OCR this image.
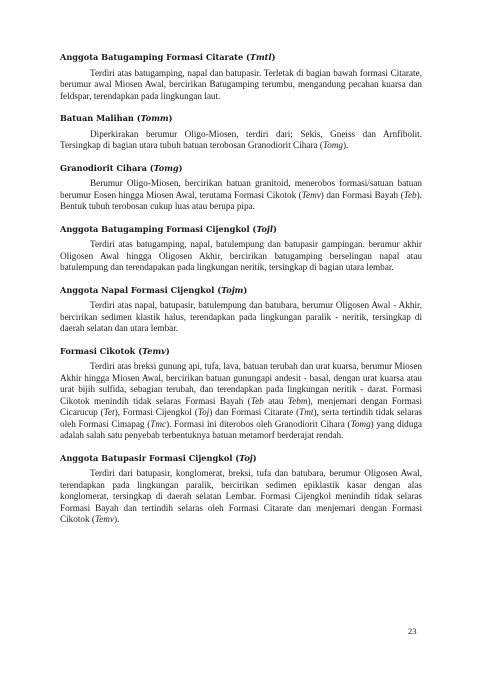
Anggota Batugamping Formasi Citarate (Tmtl)

Terdiri atas batugamping, napal dan batupasir. Terletak di bagian bawah formasi Citarate, berumur awal Miosen Awal, bercirikan Batugamping terumbu, mengandung pecahan kuarsa dan feldspar, terendapkan pada lingkungan laut.

Batuan Malihan (Tomm)

Diperkirakan berumur Oligo-Miosen, terdiri dari; Sekis, Gneiss dan Arnfibolit. Tersingkap di bagian utara tubuh batuan terobosan Granodiorit Cihara (Tomg).

Granodiorit Cihara (Tomg)

Berumur Oligo-Miosen, bercirikan batuan granitoid, menerobos formasi/satuan batuan berumur Eosen hingga Miosen Awal, terutama Formasi Cikotok (Temv) dan Formasi Bayah (Teb). Bentuk tubuh terobosan cukup luas atau berupa pipa.

Anggota Batugamping Formasi Cijengkol (Tojl)

Terdiri atas batugamping, napal, batulempung dan batupasir gampingan. berumur akhir Oligosen Awal hingga Oligosen Akhir, bercirikan batugamping berselingan napal atau batulempung dan terendapakan pada lingkungan neritik, tersingkap di bagian utara lembar.

Anggota Napal Formasi Cijengkol (Tojm)

Terdiri atas napal, batupasir, batulempung dan batubara, berumur Oligosen Awal - Akhir, bercirikan sedimen klastik halus, terendapkan pada lingkungan paralik - neritik, tersingkap di daerah selatan dan utara lembar.

Formasi Cikotok (Temv)

Terdiri atas breksi gunung api, tufa, lava, batuan terubah dan urat kuarsa, berumur Miosen Akhir hingga Miosen Awal, bercirikan batuan gunungapi andesit - basal, dengan urat kuarsa atau urat bijih sulfida, sebagian terubah, dan terendapkan pada lingkungan neritik - darat. Formasi Cikotok menindih tidak selaras Formasi Bayah (Teb atau Tebm), menjemari dengan Formasi Cicarucup (Tet), Formasi Cijengkol (Toj) dan Formasi Citarate (Tmt), serta tertindih tidak selaras oleh Formasi Cimapag (Tmc). Formasi ini diterobos oleh Granodiorit Cihara (Tomg) yang diduga adalah salah satu penyebab terbentuknya batuan metamorf berderajat rendah.

Anggota Batupasir Formasi Cijengkol (Toj)

Terdiri dari batupasir, konglomerat, breksi, tufa dan batubara, berumur Oligosen Awal, terendapkan pada lingkungan paralik, bercirikan sedimen epiklastik kasar dengan alas konglomerat, tersingkap di daerah selatan Lembar. Formasi Cijengkol menindih tidak selaras Formasi Bayah dan tertindih selaras oleh Formasi Citarate dan menjemari dengan Formasi Cikotok (Temv).

23
